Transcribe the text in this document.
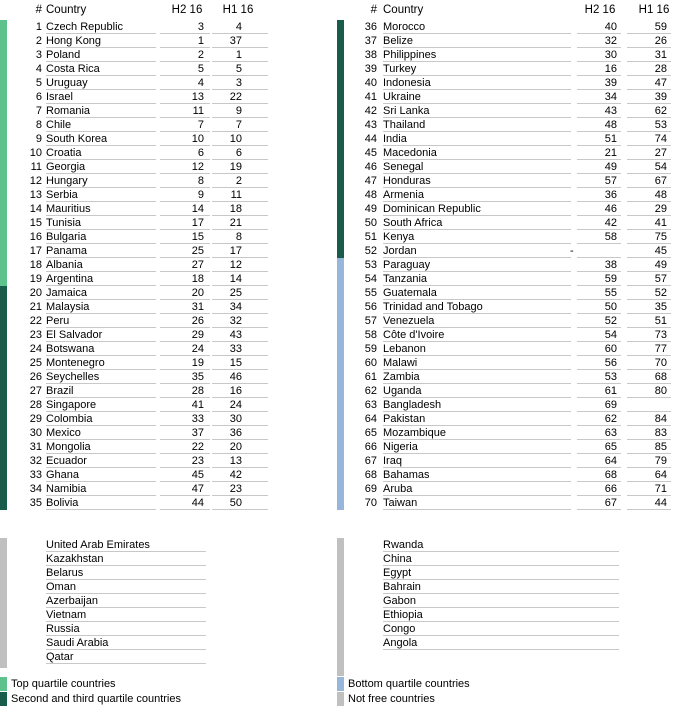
# Country	H2 16	H1 16
1 Czech Republic	3	4
2 Hong Kong	1	37
3 Poland	2	1
4 Costa Rica	5	5
5 Uruguay	4	3
6 Israel	13	22
7 Romania	11	9
8 Chile	7	7
9 South Korea	10	10
10 Croatia	6	6
11 Georgia	12	19
12 Hungary	8	2
13 Serbia	9	11
14 Mauritius	14	18
15 Tunisia	17	21
16 Bulgaria	15	8
17 Panama	25	17
18 Albania	27	12
19 Argentina	18	14
20 Jamaica	20	25
21 Malaysia	31	34
22 Peru	26	32
23 El Salvador	29	43
24 Botswana	24	33
25 Montenegro	19	15
26 Seychelles	35	46
27 Brazil	28	16
28 Singapore	41	24
29 Colombia	33	30
30 Mexico	37	36
31 Mongolia	22	20
32 Ecuador	23	13
33 Ghana	45	42
34 Namibia	47	23
35 Bolivia	44	50
# Country	H2 16	H1 16
36 Morocco	40	59
37 Belize	32	26
38 Philippines	30	31
39 Turkey	16	28
40 Indonesia	39	47
41 Ukraine	34	39
42 Sri Lanka	43	62
43 Thailand	48	53
44 India	51	74
45 Macedonia	21	27
46 Senegal	49	54
47 Honduras	57	67
48 Armenia	36	48
49 Dominican Republic	46	29
50 South Africa	42	41
51 Kenya	58	75
52 Jordan	-	45
53 Paraguay	38	49
54 Tanzania	59	57
55 Guatemala	55	52
56 Trinidad and Tobago	50	35
57 Venezuela	52	51
58 Côte d'Ivoire	54	73
59 Lebanon	60	77
60 Malawi	56	70
61 Zambia	53	68
62 Uganda	61	80
63 Bangladesh	69
64 Pakistan	62	84
65 Mozambique	63	83
66 Nigeria	65	85
67 Iraq	64	79
68 Bahamas	68	64
69 Aruba	66	71
70 Taiwan	67	44
United Arab Emirates
Kazakhstan
Belarus
Oman
Azerbaijan
Vietnam
Russia
Saudi Arabia
Qatar
Rwanda
China
Egypt
Bahrain
Gabon
Ethiopia
Congo
Angola
Top quartile countries
Second and third quartile countries
Bottom quartile countries
Not free countries
